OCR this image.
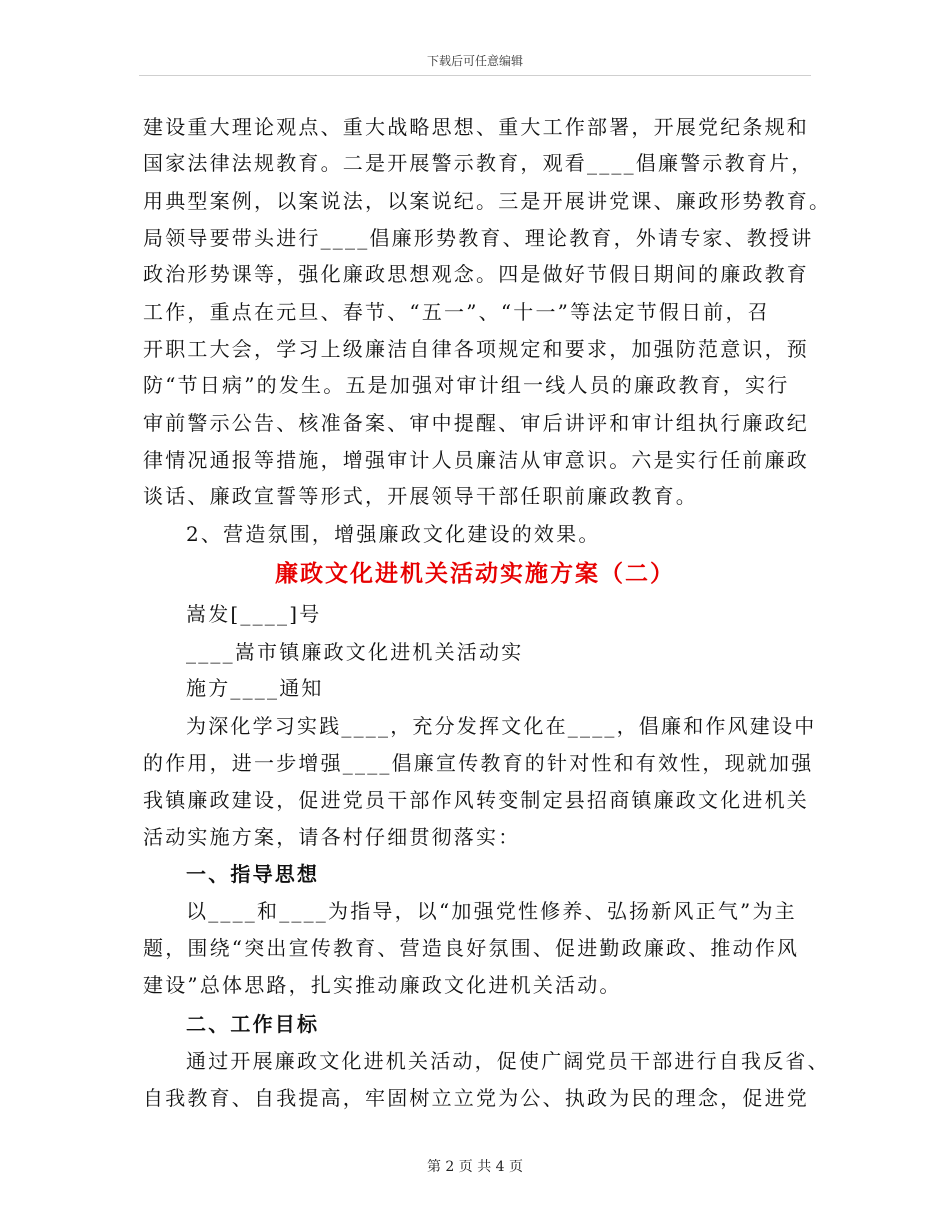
下载后可任意编辑
建设重大理论观点、重大战略思想、重大工作部署，开展党纪条规和
国家法律法规教育。二是开展警示教育，观看____倡廉警示教育片，
用典型案例，以案说法，以案说纪。三是开展讲党课、廉政形势教育。
局领导要带头进行____倡廉形势教育、理论教育，外请专家、教授讲
政治形势课等，强化廉政思想观念。四是做好节假日期间的廉政教育
工作，重点在元旦、春节、“五一”、“十一”等法定节假日前，召
开职工大会，学习上级廉洁自律各项规定和要求，加强防范意识，预
防“节日病”的发生。五是加强对审计组一线人员的廉政教育，实行
审前警示公告、核准备案、审中提醒、审后讲评和审计组执行廉政纪
律情况通报等措施，增强审计人员廉洁从审意识。六是实行任前廉政
谈话、廉政宣誓等形式，开展领导干部任职前廉政教育。
2、营造氛围，增强廉政文化建设的效果。
廉政文化进机关活动实施方案（二）
嵩发[____]号
____嵩市镇廉政文化进机关活动实
施方____通知
为深化学习实践____，充分发挥文化在____，倡廉和作风建设中
的作用，进一步增强____倡廉宣传教育的针对性和有效性，现就加强
我镇廉政建设，促进党员干部作风转变制定县招商镇廉政文化进机关
活动实施方案，请各村仔细贯彻落实：
一、指导思想
以____和____为指导，以“加强党性修养、弘扬新风正气”为主
题，围绕“突出宣传教育、营造良好氛围、促进勤政廉政、推动作风
建设”总体思路，扎实推动廉政文化进机关活动。
二、工作目标
通过开展廉政文化进机关活动，促使广阔党员干部进行自我反省、
自我教育、自我提高，牢固树立立党为公、执政为民的理念，促进党
第 2 页 共 4 页
